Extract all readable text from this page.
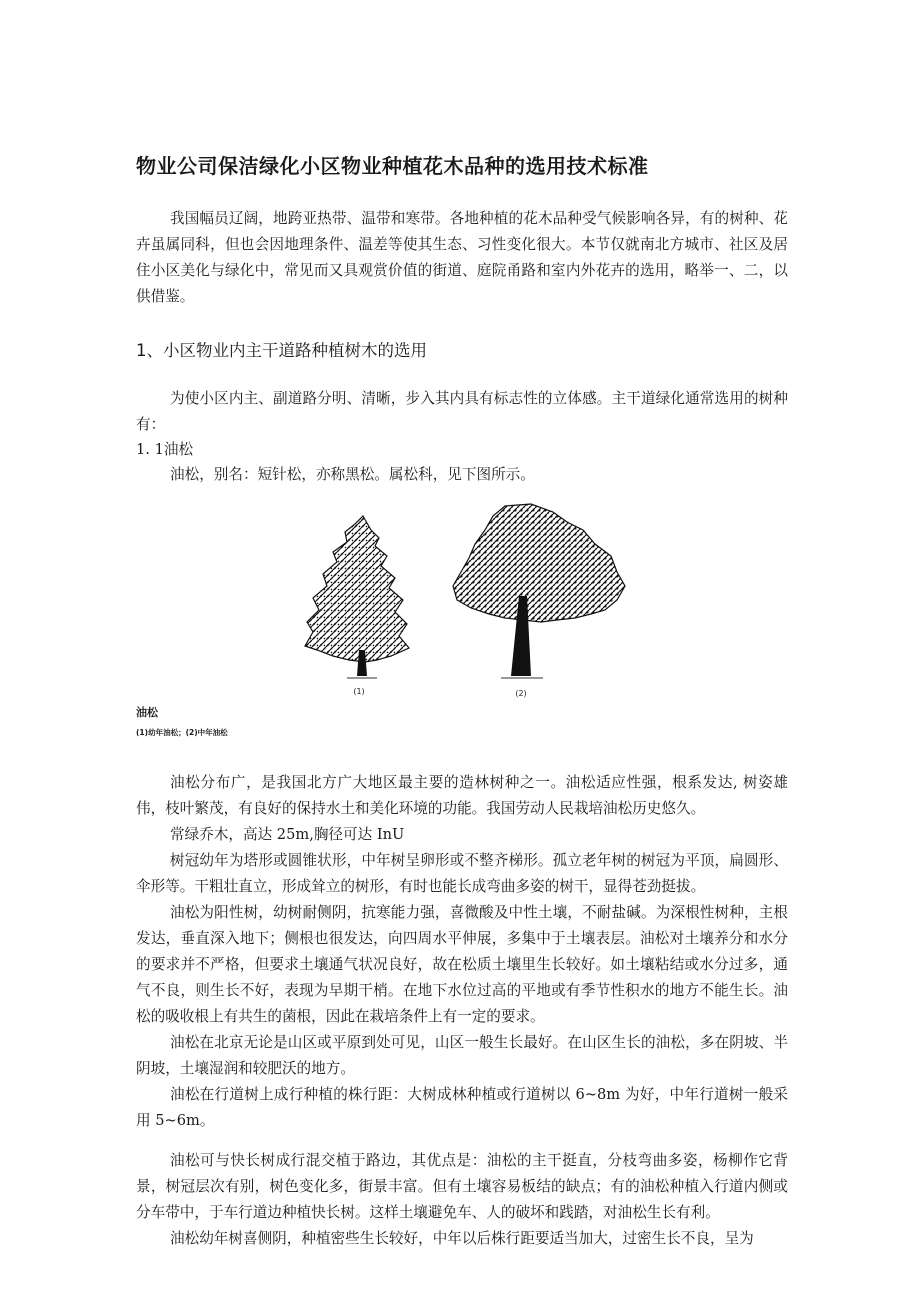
物业公司保洁绿化小区物业种植花木品种的选用技术标准

我国幅员辽阔，地跨亚热带、温带和寒带。各地种植的花木品种受气候影响各异，有的树种、花卉虽属同科，但也会因地理条件、温差等使其生态、习性变化很大。本节仅就南北方城市、社区及居住小区美化与绿化中，常见而又具观赏价值的街道、庭院甬路和室内外花卉的选用，略举一、二，以供借鉴。

1、小区物业内主干道路种植树木的选用

为使小区内主、副道路分明、清晰，步入其内具有标志性的立体感。主干道绿化通常选用的树种有：

1. 1油松

油松，别名：短针松，亦称黑松。属松科，见下图所示。

(1)	(2)

油松

(1)幼年油松；(2)中年油松

油松分布广，是我国北方广大地区最主要的造林树种之一。油松适应性强，根系发达, 树姿雄伟，枝叶繁茂，有良好的保持水土和美化环境的功能。我国劳动人民栽培油松历史悠久。

常绿乔木，高达 25m,胸径可达 InU

树冠幼年为塔形或圆锥状形，中年树呈卵形或不整齐梯形。孤立老年树的树冠为平顶，扁圆形、伞形等。干粗壮直立，形成耸立的树形，有时也能长成弯曲多姿的树干，显得苍劲挺拔。

油松为阳性树，幼树耐侧阴，抗寒能力强，喜微酸及中性土壤，不耐盐碱。为深根性树种，主根发达，垂直深入地下；侧根也很发达，向四周水平伸展，多集中于土壤表层。油松对土壤养分和水分的要求并不严格，但要求土壤通气状况良好，故在松质土壤里生长较好。如土壤粘结或水分过多，通气不良，则生长不好，表现为早期干梢。在地下水位过高的平地或有季节性积水的地方不能生长。油松的吸收根上有共生的菌根，因此在栽培条件上有一定的要求。

油松在北京无论是山区或平原到处可见，山区一般生长最好。在山区生长的油松，多在阴坡、半阴坡，土壤湿润和较肥沃的地方。

油松在行道树上成行种植的株行距：大树成林种植或行道树以 6~8m 为好，中年行道树一般采用 5~6m。

油松可与快长树成行混交植于路边，其优点是：油松的主干挺直，分枝弯曲多姿，杨柳作它背景，树冠层次有别，树色变化多，街景丰富。但有土壤容易板结的缺点；有的油松种植入行道内侧或分车带中，于车行道边种植快长树。这样土壤避免车、人的破坏和践踏，对油松生长有利。

油松幼年树喜侧阴，种植密些生长较好，中年以后株行距要适当加大，过密生长不良，呈为
